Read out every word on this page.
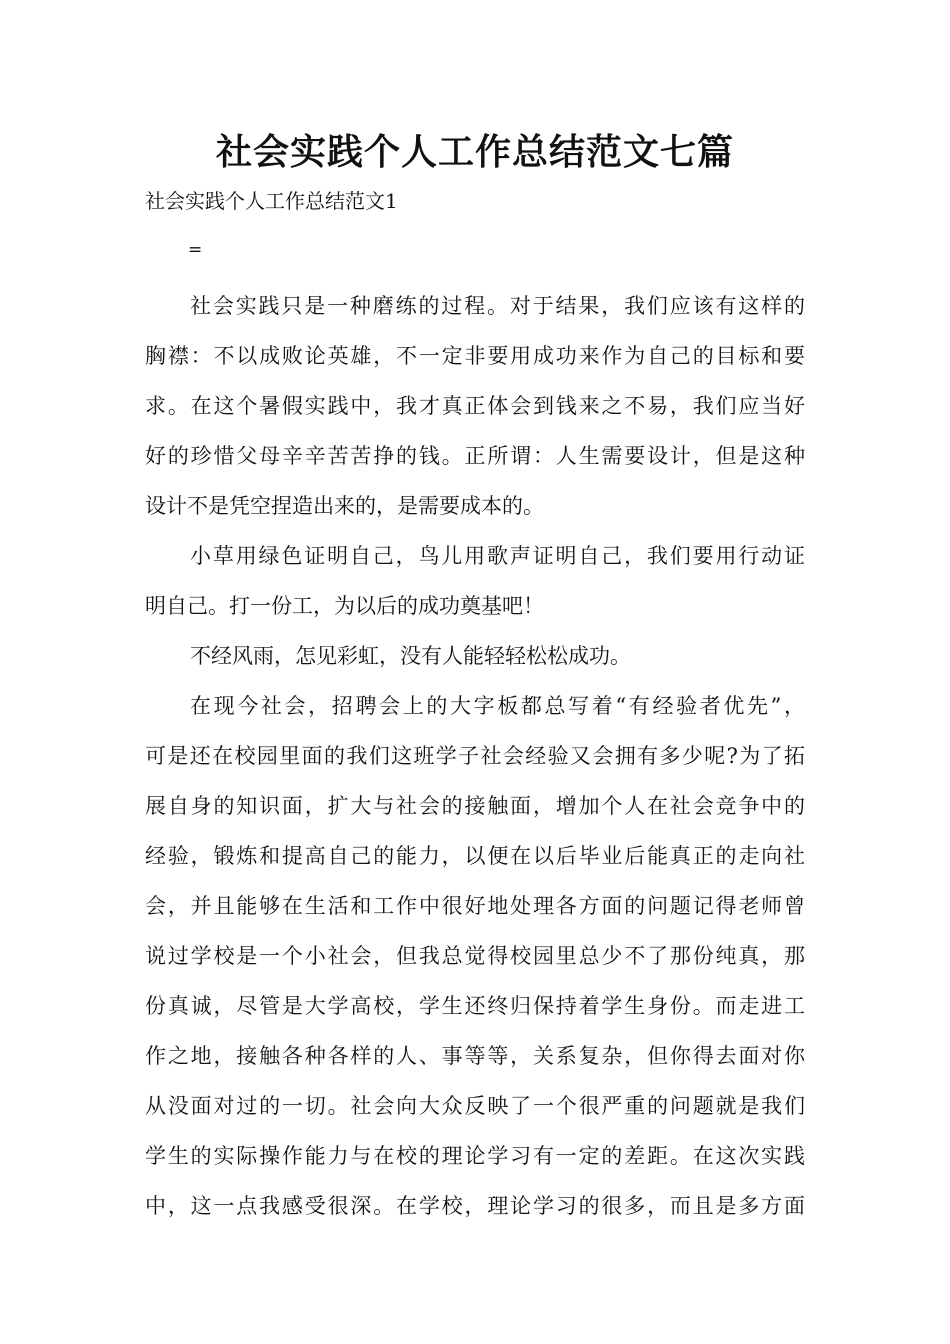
社会实践个人工作总结范文七篇
社会实践个人工作总结范文1
=

社会实践只是一种磨练的过程。对于结果，我们应该有这样的
胸襟：不以成败论英雄，不一定非要用成功来作为自己的目标和要
求。在这个暑假实践中，我才真正体会到钱来之不易，我们应当好
好的珍惜父母辛辛苦苦挣的钱。正所谓：人生需要设计，但是这种
设计不是凭空捏造出来的，是需要成本的。

小草用绿色证明自己，鸟儿用歌声证明自己，我们要用行动证
明自己。打一份工，为以后的成功奠基吧！

不经风雨，怎见彩虹，没有人能轻轻松松成功。

在现今社会，招聘会上的大字板都总写着“有经验者优先”，
可是还在校园里面的我们这班学子社会经验又会拥有多少呢?为了拓
展自身的知识面，扩大与社会的接触面，增加个人在社会竞争中的
经验，锻炼和提高自己的能力，以便在以后毕业后能真正的走向社
会，并且能够在生活和工作中很好地处理各方面的问题记得老师曾
说过学校是一个小社会，但我总觉得校园里总少不了那份纯真，那
份真诚，尽管是大学高校，学生还终归保持着学生身份。而走进工
作之地，接触各种各样的人、事等等，关系复杂，但你得去面对你
从没面对过的一切。社会向大众反映了一个很严重的问题就是我们
学生的实际操作能力与在校的理论学习有一定的差距。在这次实践
中，这一点我感受很深。在学校，理论学习的很多，而且是多方面
